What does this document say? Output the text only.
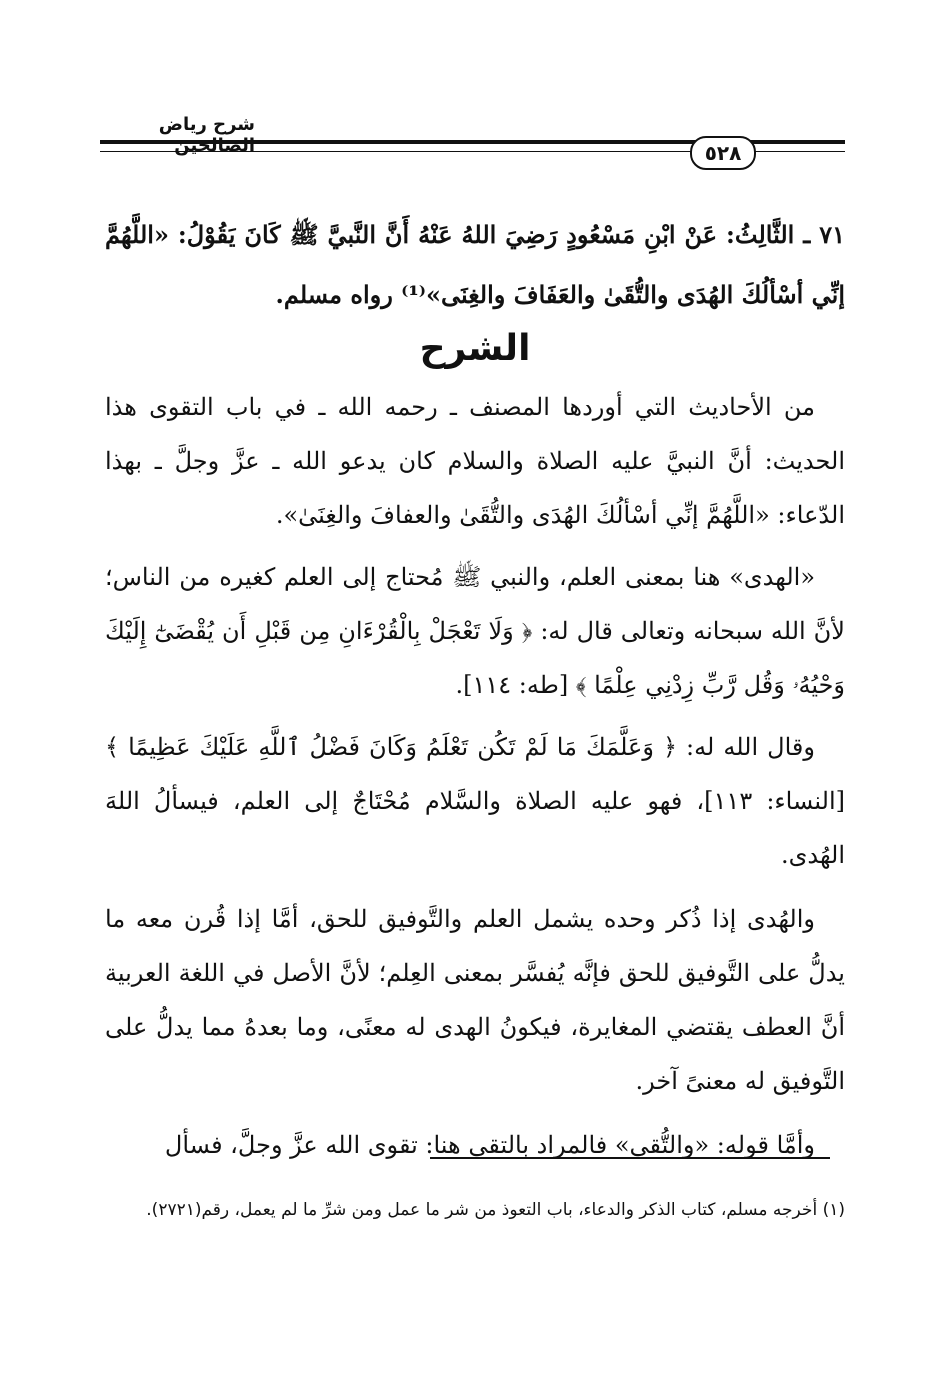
شرح رياض الصالحين	٥٢٨
٧١ ـ الثَّالِثُ: عَنْ ابْنِ مَسْعُودٍ رَضِيَ اللهُ عَنْهُ أَنَّ النَّبيَّ ﷺ كَانَ يَقُوْلُ: «اللَّهُمَّ إنِّي أسْألُكَ الهُدَى والتُّقَىٰ والعَفَافَ والغِنَى»⁽¹⁾ رواه مسلم.
الشرح

من الأحاديث التي أوردها المصنف ـ رحمه الله ـ في باب التقوى هذا الحديث: أنَّ النبيَّ عليه الصلاة والسلام كان يدعو الله ـ عزَّ وجلَّ ـ بهذا الدّعاء: «اللَّهُمَّ إنِّي أسْألُكَ الهُدَى والتُّقَىٰ والعفافَ والغِنَىٰ».

«الهدى» هنا بمعنى العلم، والنبي ﷺ مُحتاج إلى العلم كغيره من الناس؛ لأنَّ الله سبحانه وتعالى قال له: ﴿ وَلَا تَعْجَلْ بِالْقُرْءَانِ مِن قَبْلِ أَن يُقْضَىٰٓ إِلَيْكَ وَحْيُهُۥ وَقُل رَّبِّ زِدْنِي عِلْمًا ﴾ [طه: ١١٤].

وقال الله له: ﴿ وَعَلَّمَكَ مَا لَمْ تَكُن تَعْلَمُ وَكَانَ فَضْلُ ٱللَّهِ عَلَيْكَ عَظِيمًا ﴾ [النساء: ١١٣]، فهو عليه الصلاة والسَّلام مُحْتَاجٌ إلى العلم، فيسألُ اللهَ الهُدى.

والهُدى إذا ذُكر وحده يشمل العلم والتَّوفيق للحق، أمَّا إذا قُرن معه ما يدلُّ على التَّوفيق للحق فإنَّه يُفسَّر بمعنى العِلم؛ لأنَّ الأصل في اللغة العربية أنَّ العطف يقتضي المغايرة، فيكونُ الهدى له معنًى، وما بعدهُ مما يدلُّ على التَّوفيق له معنىً آخر.

وأمَّا قوله: «والتُّقى» فالمراد بالتقى هنا: تقوى الله عزَّ وجلَّ، فسأل

(١) أخرجه مسلم، كتاب الذكر والدعاء، باب التعوذ من شر ما عمل ومن شرِّ ما لم يعمل، رقم(٢٧٢١).
